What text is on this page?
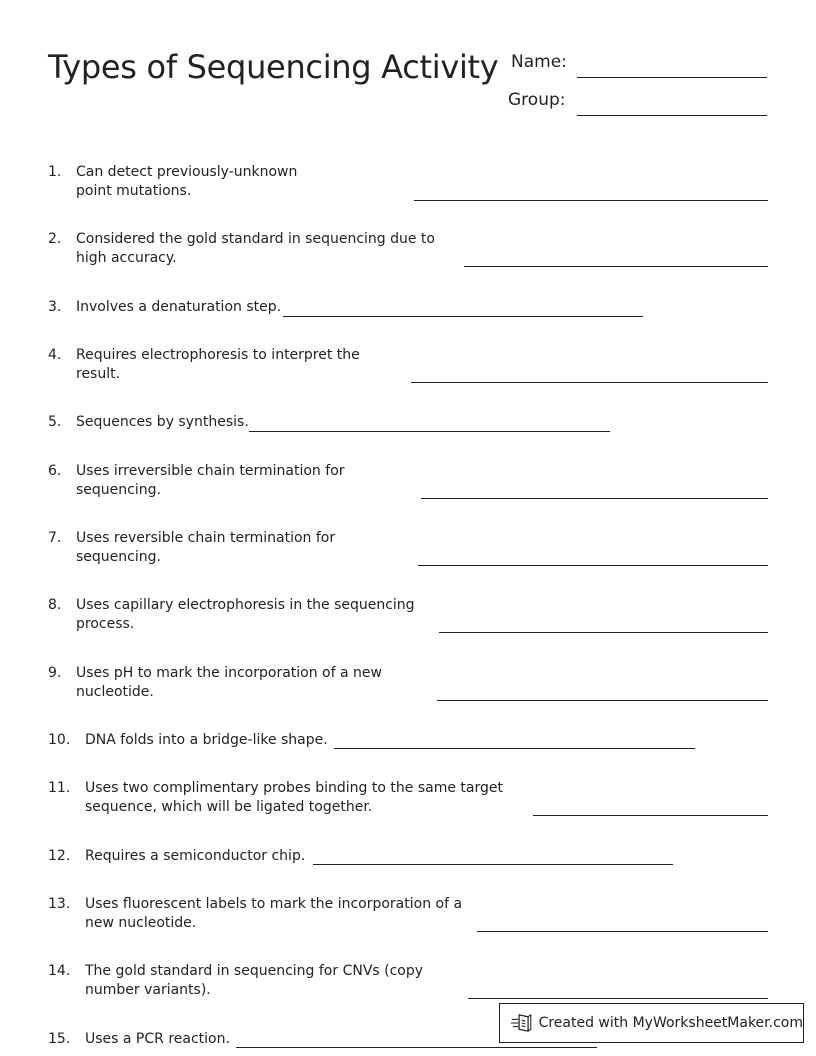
Types of Sequencing Activity Name:
Group:
1. Can detect previously-unknown
point mutations.
2. Considered the gold standard in sequencing due to
high accuracy.
3. Involves a denaturation step.
4. Requires electrophoresis to interpret the
result.
5. Sequences by synthesis.
6. Uses irreversible chain termination for
sequencing.
7. Uses reversible chain termination for
sequencing.
8. Uses capillary electrophoresis in the sequencing
process.
9. Uses pH to mark the incorporation of a new
nucleotide.
10. DNA folds into a bridge-like shape.
11. Uses two complimentary probes binding to the same target
sequence, which will be ligated together.
12. Requires a semiconductor chip.
13. Uses fluorescent labels to mark the incorporation of a
new nucleotide.
14. The gold standard in sequencing for CNVs (copy
number variants).
15. Uses a PCR reaction.
Created with MyWorksheetMaker.com
